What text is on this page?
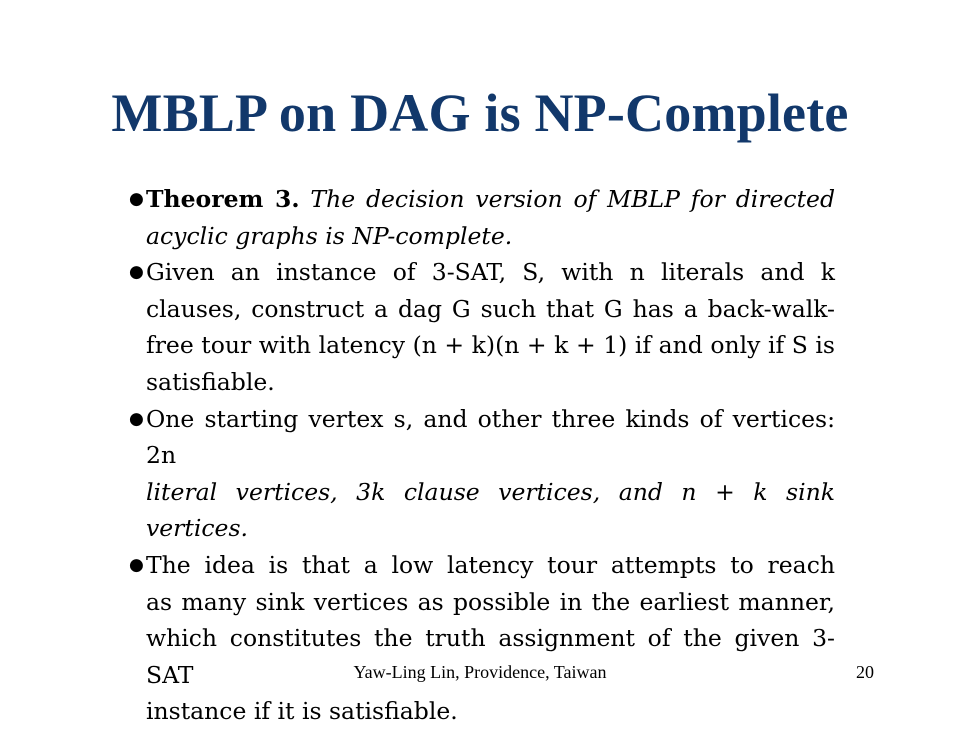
MBLP on DAG is NP-Complete
● Theorem 3. The decision version of MBLP for directed
acyclic graphs is NP-complete.
● Given an instance of 3-SAT, S, with n literals and k
clauses, construct a dag G such that G has a back-walk-
free tour with latency (n + k)(n + k + 1) if and only if S is
satisfiable.
● One starting vertex s, and other three kinds of vertices: 2n
literal vertices, 3k clause vertices, and n + k sink vertices.
● The idea is that a low latency tour attempts to reach
as many sink vertices as possible in the earliest manner,
which constitutes the truth assignment of the given 3-SAT
instance if it is satisfiable.
Yaw-Ling Lin, Providence, Taiwan	20
